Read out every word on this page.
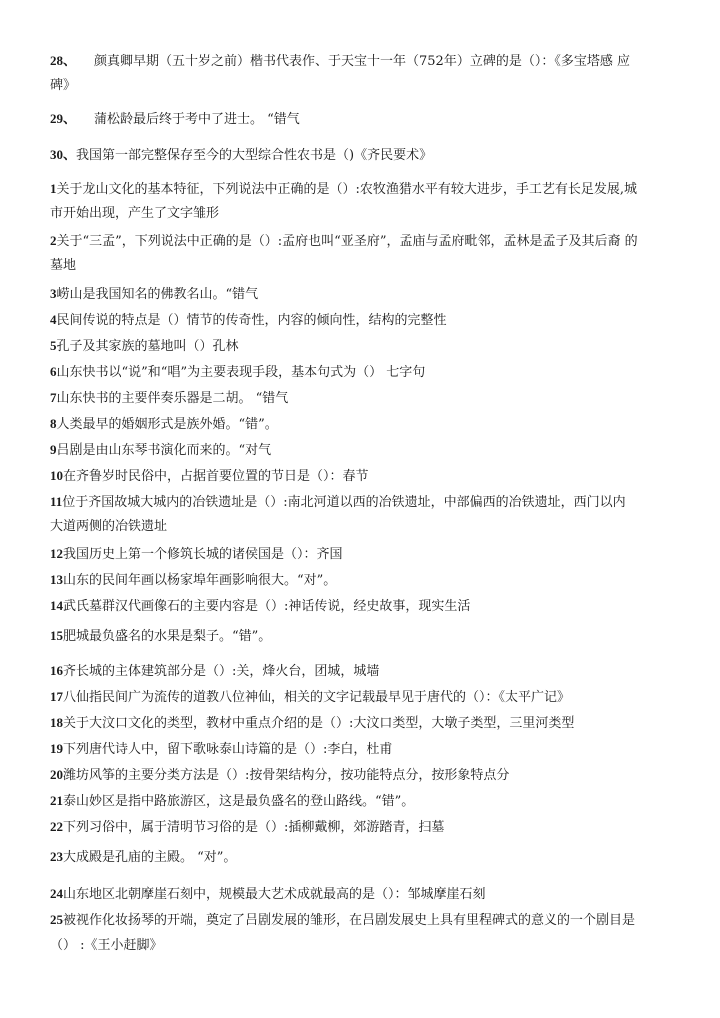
28、 颜真卿早期（五十岁之前）楷书代表作、于天宝十一年（752年）立碑的是（）：《多宝塔感 应
碑》
29、 蒲松龄最后终于考中了进士。 “错气
30、我国第一部完整保存至今的大型综合性农书是（)《齐民要术》
1关于龙山文化的基本特征，下列说法中正确的是（）:农牧渔猎水平有较大进步，手工艺有长足发展,城
市开始出现，产生了文字雏形
2关于“三孟”，下列说法中正确的是（）:孟府也叫“亚圣府”，孟庙与孟府毗邻，孟林是孟子及其后裔 的
墓地
3崂山是我国知名的佛教名山。“错气
4民间传说的特点是（）情节的传奇性，内容的倾向性，结构的完整性
5孔子及其家族的墓地叫（）孔林
6山东快书以“说”和“唱”为主要表现手段，基本句式为（） 七字句
7山东快书的主要伴奏乐器是二胡。 “错气
8人类最早的婚姻形式是族外婚。“错”。
9吕剧是由山东琴书演化而来的。“对气
10在齐鲁岁时民俗中，占据首要位置的节日是（）：春节
11位于齐国故城大城内的冶铁遗址是（）:南北河道以西的冶铁遗址，中部偏西的冶铁遗址，西门以内
大道两侧的冶铁遗址
12我国历史上第一个修筑长城的诸侯国是（）：齐国
13山东的民间年画以杨家埠年画影响很大。“对”。
14武氏墓群汉代画像石的主要内容是（）:神话传说，经史故事，现实生活
15肥城最负盛名的水果是梨子。“错”。
16齐长城的主体建筑部分是（）:关，烽火台，团城，城墙
17八仙指民间广为流传的道教八位神仙，相关的文字记载最早见于唐代的（）：《太平广记》
18关于大汶口文化的类型，教材中重点介绍的是（）:大汶口类型，大墩子类型，三里河类型
19下列唐代诗人中，留下歌咏泰山诗篇的是（）:李白，杜甫
20潍坊风筝的主要分类方法是（）:按骨架结构分，按功能特点分，按形象特点分
21泰山妙区是指中路旅游区，这是最负盛名的登山路线。“错”。
22下列习俗中，属于清明节习俗的是（）:插柳戴柳，郊游踏青，扫墓
23大成殿是孔庙的主殿。 “对”。
24山东地区北朝摩崖石刻中，规模最大艺术成就最高的是（）：邹城摩崖石刻
25被视作化妆扬琴的开端，奠定了吕剧发展的雏形，在吕剧发展史上具有里程碑式的意义的一个剧目是
（） :《王小赶脚》
